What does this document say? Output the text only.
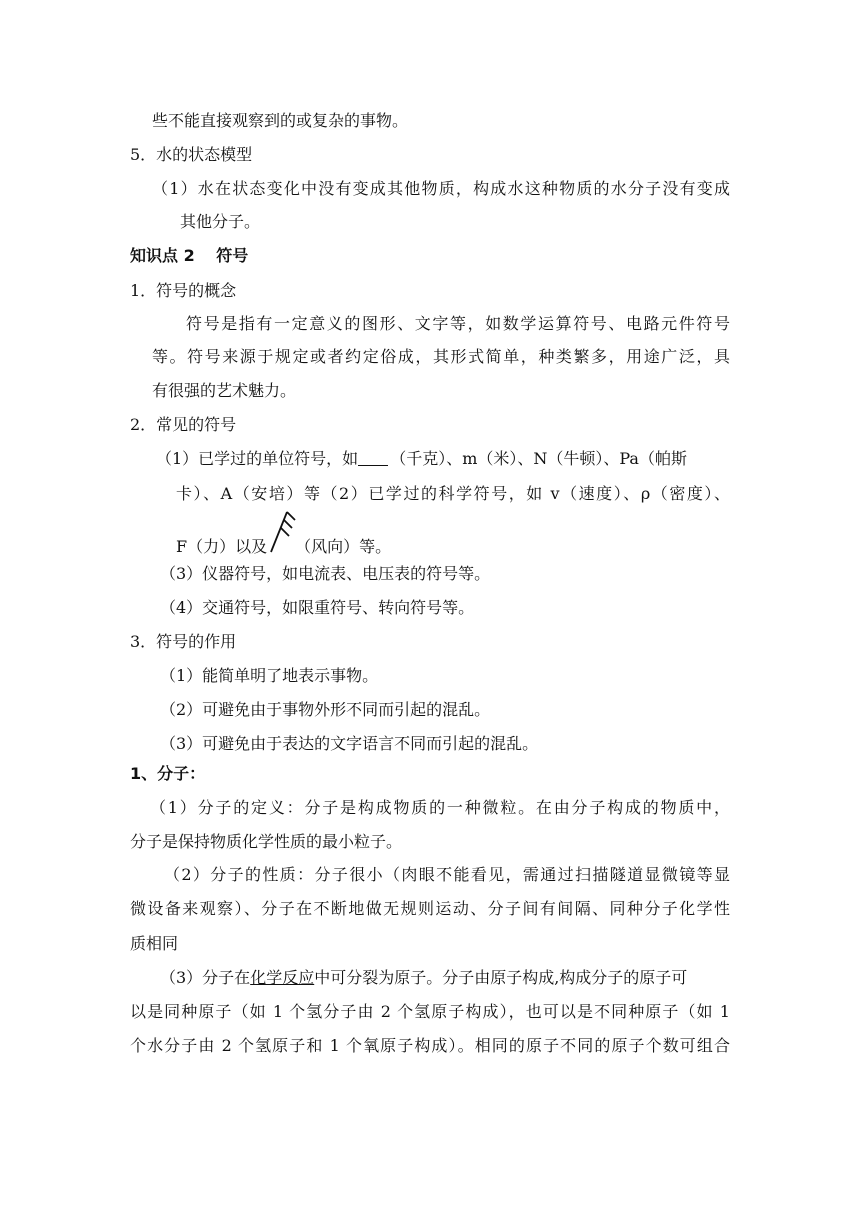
些不能直接观察到的或复杂的事物。
5．水的状态模型
（1）水在状态变化中没有变成其他物质，构成水这种物质的水分子没有变成
其他分子。
知识点 2　 符号
1．符号的概念
符号是指有一定意义的图形、文字等，如数学运算符号、电路元件符号
等。符号来源于规定或者约定俗成，其形式简单，种类繁多，用途广泛，具
有很强的艺术魅力。
2．常见的符号
（1）已学过的单位符号，如 （千克）、m（米）、N（牛顿）、Pa（帕斯
卡）、A（安培）等（2）已学过的科学符号，如 v（速度）、ρ（密度）、
F（力）以及 （风向）等。
（3）仪器符号，如电流表、电压表的符号等。
（4）交通符号，如限重符号、转向符号等。
3．符号的作用
（1）能简单明了地表示事物。
（2）可避免由于事物外形不同而引起的混乱。
（3）可避免由于表达的文字语言不同而引起的混乱。
1、分子：
（1）分子的定义：分子是构成物质的一种微粒。在由分子构成的物质中，
分子是保持物质化学性质的最小粒子。
（2）分子的性质：分子很小（肉眼不能看见，需通过扫描隧道显微镜等显
微设备来观察）、分子在不断地做无规则运动、分子间有间隔、同种分子化学性
质相同
（3）分子在化学反应中可分裂为原子。分子由原子构成,构成分子的原子可
以是同种原子（如 1 个氢分子由 2 个氢原子构成），也可以是不同种原子（如 1
个水分子由 2 个氢原子和 1 个氧原子构成）。相同的原子不同的原子个数可组合
